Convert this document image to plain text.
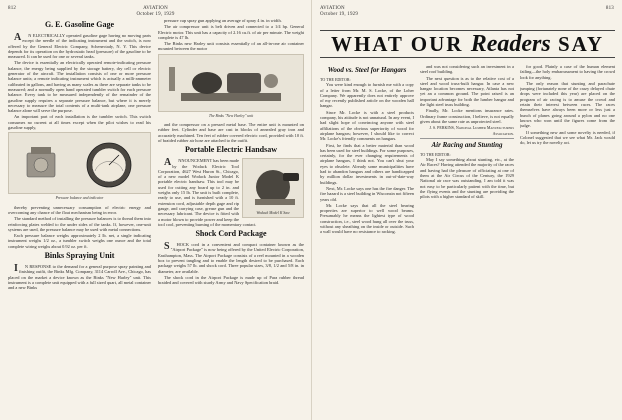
812	AVIATION
October 19, 1929
G. E. Gasoline Gage

AN ELECTRICALLY operated gasoline gage having no moving parts except the needle of the indicating instrument and the switch, is now offered by the General Electric Company, Schenectady, N. Y. This device depends for its operation on the hydrostatic head (pressure) of the gasoline to be measured. It can be used for one or several tanks.

The device is essentially an electrically operated remote-indicating pressure balance, the energy being supplied by the storage battery, dry cell or electric generator of the aircraft. The installation consists of one or more pressure balance units; a remote indicating instrument which is actually a milli-ammeter calibrated in gallons, and having as many scales as there are separate tanks to be measured; and a normally open hand operated tumbler switch for each pressure balance. Every tank to be measured independently of the remainder of the gasoline supply requires a separate pressure balance, but where it is merely necessary to measure the total contents of a multi-tank airplane, one pressure balance alone will serve the purpose.

An important part of each installation is the tumbler switch. This switch consumes no current at all times except when the pilot wishes to read his gasoline supply,

Pressure balance and indicator

thereby preventing unnecessary consumption of electric energy and overcoming any chance of the float mechanism being in error.

The standard method of installing the pressure balances is to thread them into reinforcing plates welded to the under sides of the tanks. If, however, one-unit systems are used, the pressure balance may be used with metal connections.

Each pressure balance weighs approximately 2 lb. net, a single indicating instrument weighs 1/2 oz., a tumbler switch weighs one ounce and the total complete wiring weighs about 0.92 oz. per ft.

Binks Spraying Unit

IN RESPONSE to the demand for a general purpose spray painting and finishing outfit, the Binks Mfg. Company, 3114 Carroll Ave., Chicago, has placed on the market a device known as the Binks "New Harley" unit. This instrument is a complete unit equipped with a full sized quart, all metal container and a new Binks

pressure cup spray gun applying an average of spray 4 in. in width.

The air compressor unit is belt driven and connected to a 1/4 hp. General Electric motor. This unit has a capacity of 2.16 cu.ft. of air per minute. The weight complete is 47 lb.

The Binks new Harley unit consists essentially of an all-in-one air container mounted between the motor

The Binks "New Harley" unit

and the compressor on a pressed metal base. The entire unit is mounted on rubber feet. Cylinder and base are cast in blocks of annealed gray iron and accurately machined. Ten feet of rubber covered electric cord, provided with 10 ft. of braided rubber air hose are attached to the outfit.

Portable Electric Handsaw
Wodack Model K Saw

ANNOUNCEMENT has been made by the Wodack Electric Tool Corporation, 4627 West Huron St., Chicago, of a new model Wodack Junior Model K portable electric handsaw. This tool may be used for cutting any board up to 2 in. and weighs only 15 lb. The unit is built complete, ready to use, and is furnished with a 10 ft. extension cord, adjustable depth gage and rip gauge, and carrying case, grease gun and the necessary lubricant. The device is fitted with a motor blown to provide power and keep the tool cool, preventing burning of the momentary contact.

Shock Cord Package

SHOCK cord in a convenient and compact container known as the "Airport Package" is now being offered by the United Electric Corporation, Easthampton, Mass. The Airport Package consists of a reel mounted in a wooden box to prevent tangling and to enable the length desired to be purchased. Each package weighs 57 lb. and shock cord. Three popular sizes, 3/8, 1/2 and 5/8 in. in diameter, are available.

The shock cord in the Airport Package is made up of Para rubber thread braided and covered with sturdy Army and Navy Specification braid.

AVIATION
October 19, 1929
813
WHAT OUR Readers SAY
Wood vs. Steel for Hangars
TO THE EDITOR:

You were kind enough to furnish me with a copy of a letter from Mr. M. S. Locke, of the Loher Company. We apparently does not entirely approve of my recently published article on the wooden hall hangar.

Since Mr. Locke is with a steel products company, his attitude is not unnatural. In any event, I had slight hope of convincing anyone with steel affiliations of the obvious superiority of wood for airplane hangars; however, I should like to correct Mr. Locke's friendly comments on hangars.

First, he finds that a better material than wood has been used for steel buildings. For some purposes, certainly, for the ever changing requirements of airplane hangars, I think not. You can't shut your eyes to obsolete. Already some municipalities have had to abandon hangars and others are handicapped by million dollar investments in out-of-date-way buildings.

Next, Mr. Locke says one has the fire danger. The fire hazard is a steel building in Wisconsin not fifteen years old.

Mr. Locke says that all the steel bearing properties are superior to well wood beams. Presumably he means the lightest type of wood construction, i.e., steel wood hung all over the truss, without any sheathing on the inside or outside. Such a wall would have no resistance to racking.

and was not considering such an investment in a steel roof building.

The next question is as to the relative cost of a steel and wood truss-built hangar. In case a new hangar location becomes necessary, Atlanta has not yet an a common ground. The point raised is an important advantage for both the lumber hangar and the light steel truss building.

Finally, Mr. Locke mentions insurance rates. Ordinary frame construction, I believe, is not equally given about the same rate as unprotected steel.

J. S. PERKINS, National Lumber Manufacturers Association.
Air Racing and Stunting
TO THE EDITOR:

May I say something about stunting, etc., at the Air Races? Having attended the majority of the races and having had the pleasure of officiating at one of them at the Air Circus of the Century, the 1929 National air race was outstanding. I am told it was not easy to be particularly patient with the time, but the flying events and the stunting are providing the pilots with a higher standard of skill.

for good. Plainly a case of the human element failing—the holy embarrassment to having the crowd look for anything.

The only reason that stunting and parachute jumping (fortunately none of the crazy delayed chute drops were included this year) are placed on the program of air racing is to amuse the crowd and retain their interest between races. The races themselves have always been more or less just a bunch of planes going around a pylon and no one knows who won until the figures come from the judge.

If something new and some novelty is needed, if Colonel suggested that we see what Mr. Jack would do, let us try the novelty act.
